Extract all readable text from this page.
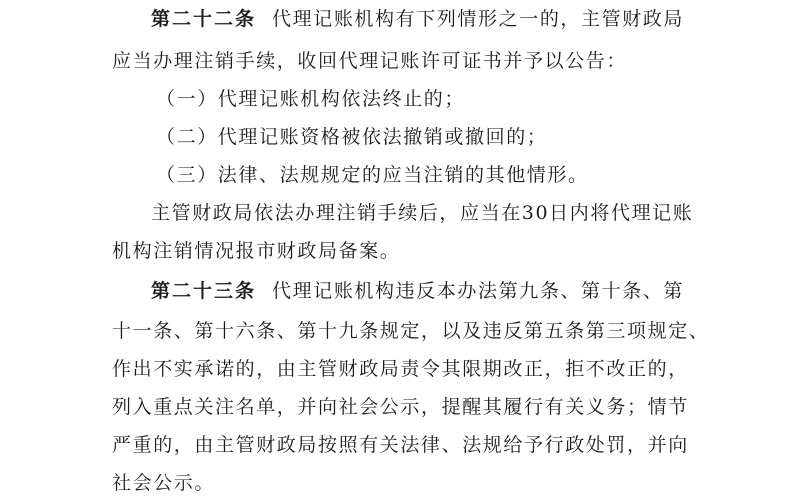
第二十二条 代理记账机构有下列情形之一的，主管财政局
应当办理注销手续，收回代理记账许可证书并予以公告：
（一）代理记账机构依法终止的；
（二）代理记账资格被依法撤销或撤回的；
（三）法律、法规规定的应当注销的其他情形。
主管财政局依法办理注销手续后，应当在30日内将代理记账
机构注销情况报市财政局备案。
第二十三条 代理记账机构违反本办法第九条、第十条、第
十一条、第十六条、第十九条规定，以及违反第五条第三项规定、
作出不实承诺的，由主管财政局责令其限期改正，拒不改正的，
列入重点关注名单，并向社会公示，提醒其履行有关义务；情节
严重的，由主管财政局按照有关法律、法规给予行政处罚，并向
社会公示。
